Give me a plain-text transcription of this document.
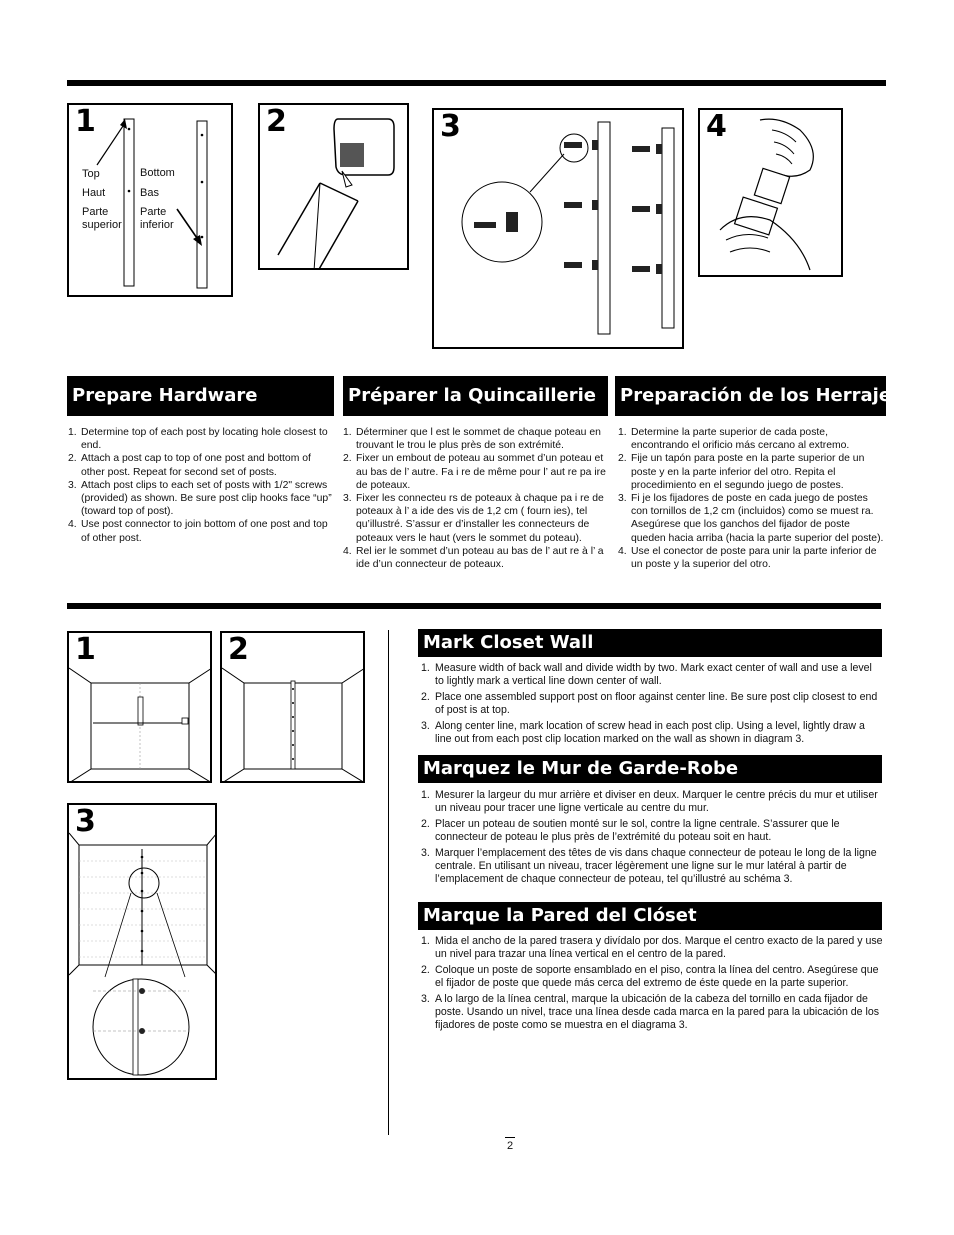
1
Top
Haut
Parte superior
Bottom
Bas
Parte inferior
2	3	4
Prepare Hardware	Préparer la Quincaillerie	Preparación de los Herrajes
1. Determine top of each post by locating hole closest to end.
2. Attach a post cap to top of one post and bottom of other post. Repeat for second set of posts.
3. Attach post clips to each set of posts with 1/2" screws (provided) as shown. Be sure post clip hooks face “up” (toward top of post).
4. Use post connector to join bottom of one post and top of other post.
1. Déterminer que l est le sommet de chaque poteau en trouvant le trou le plus près de son extrémité.
2. Fixer un embout de poteau au sommet d’un poteau et au bas de l’ autre. Fa i re de même pour l’ aut re pa ire de poteaux.
3. Fixer les connecteu rs de poteaux à chaque pa i re de poteaux à l’ a ide des vis de 1,2 cm ( fourn ies), tel qu’illustré. S’assur er d’installer les connecteurs de poteaux vers le haut (vers le sommet du poteau).
4. Rel ier le sommet d’un poteau au bas de l’ aut re à l’ a ide d’un connecteur de poteaux.
1. Determine la parte superior de cada poste, encontrando el orificio más cercano al extremo.
2. Fije un tapón para poste en la parte superior de un poste y en la parte inferior del otro. Repita el procedimiento en el segundo juego de postes.
3. Fi je los fijadores de poste en cada juego de postes con tornillos de 1,2 cm (incluidos) como se muest ra. Asegúrese que los ganchos del fijador de poste queden hacia arriba (hacia la parte superior del poste).
4. Use el conector de poste para unir la parte inferior de un poste y la superior del otro.
1	2
3
Mark Closet Wall
1. Measure width of back wall and divide width by two. Mark exact center of wall and use a level to lightly mark a vertical line down center of wall.
2. Place one assembled support post on floor against center line. Be sure post clip closest to end of post is at top.
3. Along center line, mark location of screw head in each post clip. Using a level, lightly draw a line out from each post clip location marked on the wall as shown in diagram 3.
Marquez le Mur de Garde-Robe
1. Mesurer la largeur du mur arrière et diviser en deux. Marquer le centre précis du mur et utiliser un niveau pour tracer une ligne verticale au centre du mur.
2. Placer un poteau de soutien monté sur le sol, contre la ligne centrale. S’assurer que le connecteur de poteau le plus près de l’extrémité du poteau soit en haut.
3. Marquer l’emplacement des têtes de vis dans chaque connecteur de poteau le long de la ligne centrale. En utilisant un niveau, tracer légèrement une ligne sur le mur latéral à partir de l’emplacement de chaque connecteur de poteau, tel qu’illustré au schéma 3.
Marque la Pared del Clóset
1. Mida el ancho de la pared trasera y divídalo por dos. Marque el centro exacto de la pared y use un nivel para trazar una línea vertical en el centro de la pared.
2. Coloque un poste de soporte ensamblado en el piso, contra la línea del centro. Asegúrese que el fijador de poste que quede más cerca del extremo de éste quede en la parte superior.
3. A lo largo de la línea central, marque la ubicación de la cabeza del tornillo en cada fijador de poste. Usando un nivel, trace una línea desde cada marca en la pared para la ubicación de los fijadores de poste como se muestra en el diagrama 3.
2
